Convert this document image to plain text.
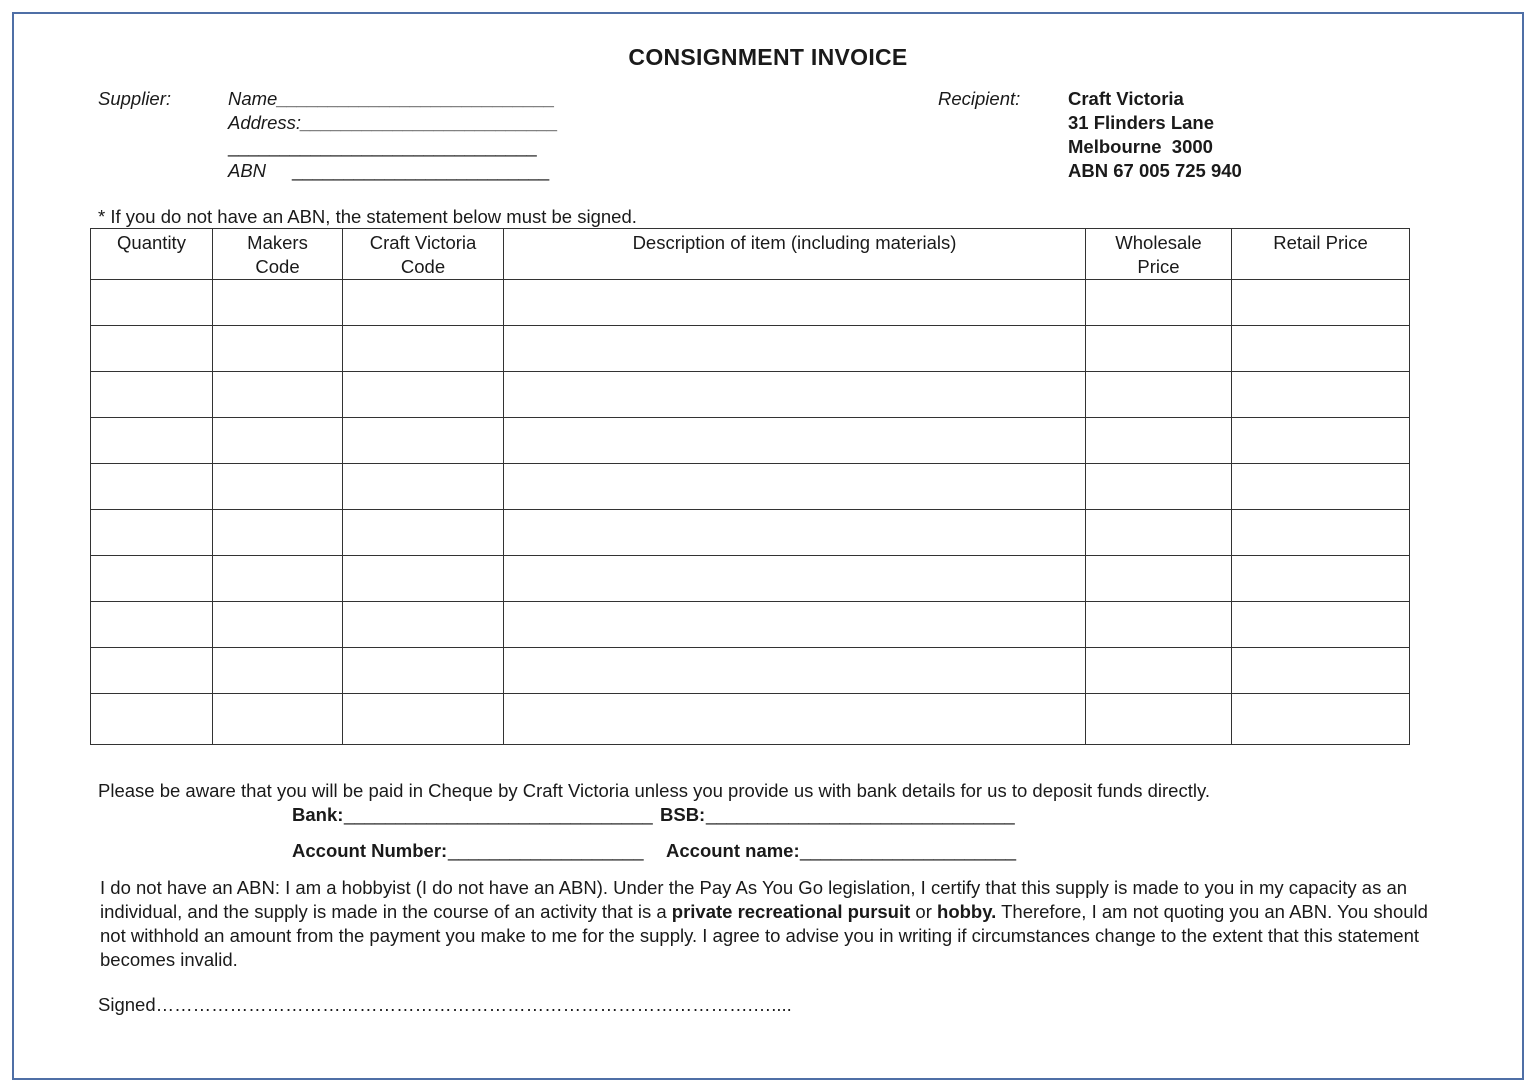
CONSIGNMENT INVOICE
Supplier:	Name___________________________
Address:_________________________
______________________________
ABN _________________________
Recipient:	Craft Victoria
31 Flinders Lane
Melbourne  3000
ABN 67 005 725 940
* If you do not have an ABN, the statement below must be signed.
Quantity	Makers Code	Craft Victoria Code	Description of item (including materials)	Wholesale Price	Retail Price

Please be aware that you will be paid in Cheque by Craft Victoria unless you provide us with bank details for us to deposit funds directly.
Bank: ______________________________ BSB: ______________________________
Account Number: ___________________ Account name: _____________________
I do not have an ABN: I am a hobbyist (I do not have an ABN). Under the Pay As You Go legislation, I certify that this supply is made to you in my capacity as an individual, and the supply is made in the course of an activity that is a private recreational pursuit or hobby. Therefore, I am not quoting you an ABN. You should not withhold an amount from the payment you make to me for the supply. I agree to advise you in writing if circumstances change to the extent that this statement becomes invalid.
Signed…………………………………………………………………………………….…....
